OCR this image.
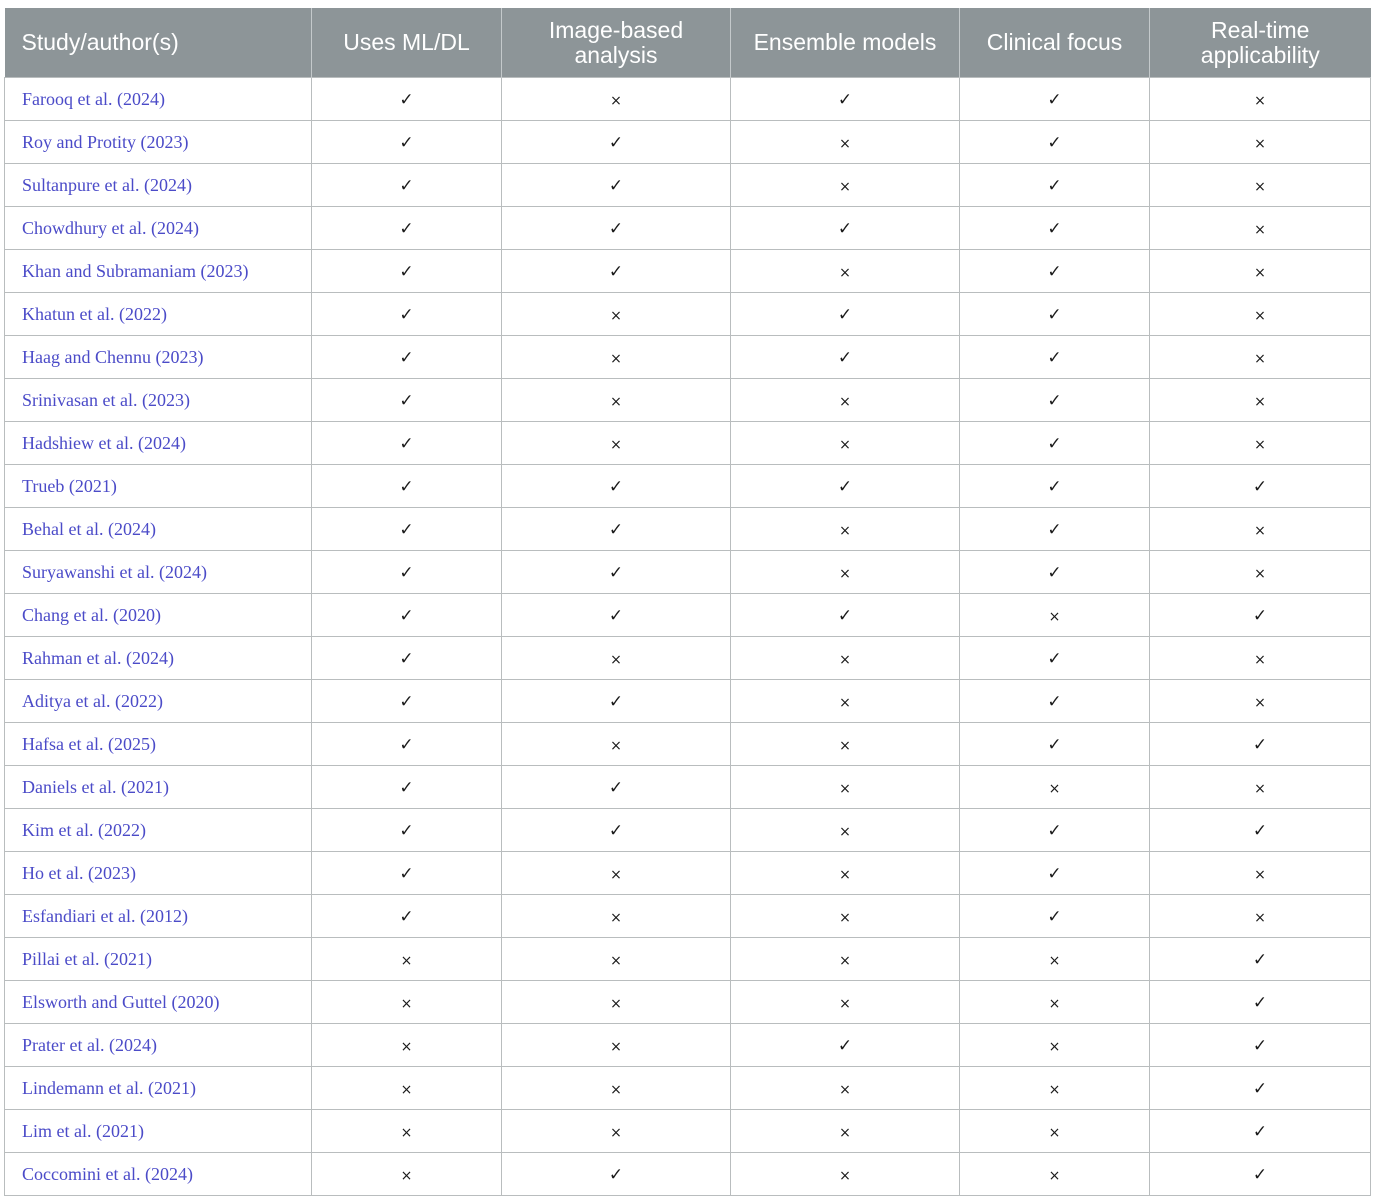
Study/author(s)	Uses ML/DL	Image-based analysis	Ensemble models	Clinical focus	Real-time applicability
Farooq et al. (2024)	✓	×	✓	✓	×
Roy and Protity (2023)	✓	✓	×	✓	×
Sultanpure et al. (2024)	✓	✓	×	✓	×
Chowdhury et al. (2024)	✓	✓	✓	✓	×
Khan and Subramaniam (2023)	✓	✓	×	✓	×
Khatun et al. (2022)	✓	×	✓	✓	×
Haag and Chennu (2023)	✓	×	✓	✓	×
Srinivasan et al. (2023)	✓	×	×	✓	×
Hadshiew et al. (2024)	✓	×	×	✓	×
Trueb (2021)	✓	✓	✓	✓	✓
Behal et al. (2024)	✓	✓	×	✓	×
Suryawanshi et al. (2024)	✓	✓	×	✓	×
Chang et al. (2020)	✓	✓	✓	×	✓
Rahman et al. (2024)	✓	×	×	✓	×
Aditya et al. (2022)	✓	✓	×	✓	×
Hafsa et al. (2025)	✓	×	×	✓	✓
Daniels et al. (2021)	✓	✓	×	×	×
Kim et al. (2022)	✓	✓	×	✓	✓
Ho et al. (2023)	✓	×	×	✓	×
Esfandiari et al. (2012)	✓	×	×	✓	×
Pillai et al. (2021)	×	×	×	×	✓
Elsworth and Guttel (2020)	×	×	×	×	✓
Prater et al. (2024)	×	×	✓	×	✓
Lindemann et al. (2021)	×	×	×	×	✓
Lim et al. (2021)	×	×	×	×	✓
Coccomini et al. (2024)	×	✓	×	×	✓
